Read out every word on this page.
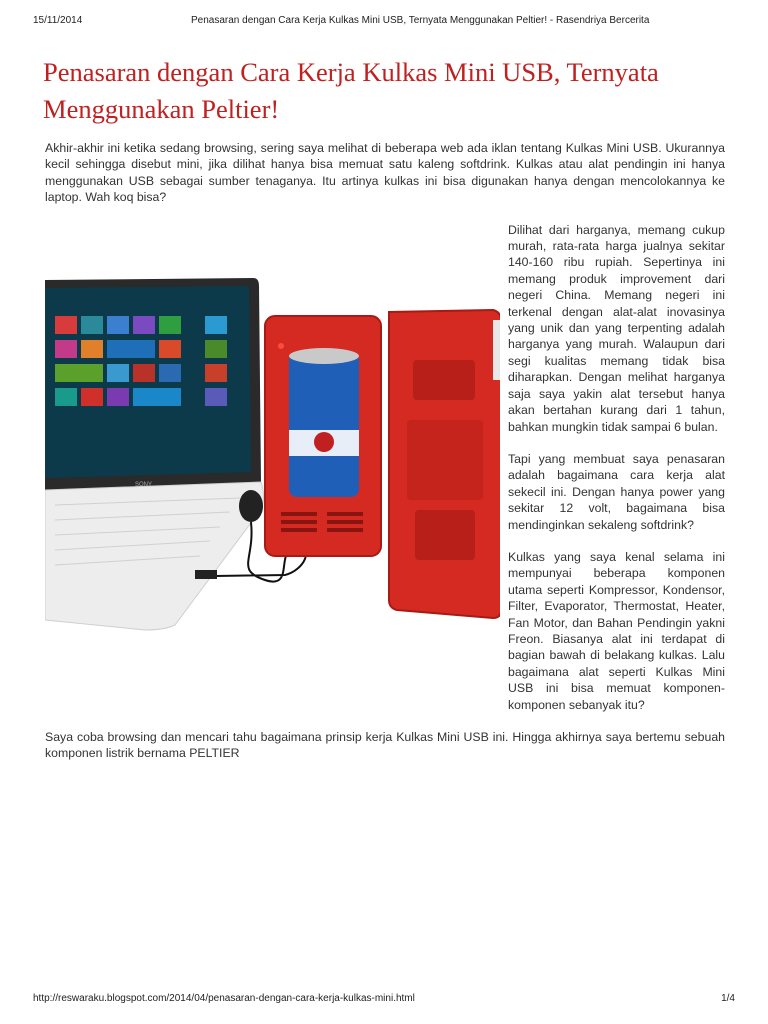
15/11/2014	Penasaran dengan Cara Kerja Kulkas Mini USB, Ternyata Menggunakan Peltier! - Rasendriya Bercerita
Penasaran dengan Cara Kerja Kulkas Mini USB, Ternyata Menggunakan Peltier!

Akhir-akhir ini ketika sedang browsing, sering saya melihat di beberapa web ada iklan tentang Kulkas Mini USB. Ukurannya kecil sehingga disebut mini, jika dilihat hanya bisa memuat satu kaleng softdrink. Kulkas atau alat pendingin ini hanya menggunakan USB sebagai sumber tenaganya. Itu artinya kulkas ini bisa digunakan hanya dengan mencolokannya ke laptop. Wah koq bisa?

SONY

Dilihat dari harganya, memang cukup murah, rata-rata harga jualnya sekitar 140-160 ribu rupiah. Sepertinya ini memang produk improvement dari negeri China. Memang negeri ini terkenal dengan alat-alat inovasinya yang unik dan yang terpenting adalah harganya yang murah. Walaupun dari segi kualitas memang tidak bisa diharapkan. Dengan melihat harganya saja saya yakin alat tersebut hanya akan bertahan kurang dari 1 tahun, bahkan mungkin tidak sampai 6 bulan.

Tapi yang membuat saya penasaran adalah bagaimana cara kerja alat sekecil ini. Dengan hanya power yang sekitar 12 volt, bagaimana bisa mendinginkan sekaleng softdrink?

Kulkas yang saya kenal selama ini mempunyai beberapa komponen utama seperti Kompressor, Kondensor, Filter, Evaporator, Thermostat, Heater, Fan Motor, dan Bahan Pendingin yakni Freon. Biasanya alat ini terdapat di bagian bawah di belakang kulkas. Lalu bagaimana alat seperti Kulkas Mini USB ini bisa memuat komponen-komponen sebanyak itu?

Saya coba browsing dan mencari tahu bagaimana prinsip kerja Kulkas Mini USB ini. Hingga akhirnya saya bertemu sebuah komponen listrik bernama PELTIER

http://reswaraku.blogspot.com/2014/04/penasaran-dengan-cara-kerja-kulkas-mini.html	1/4
